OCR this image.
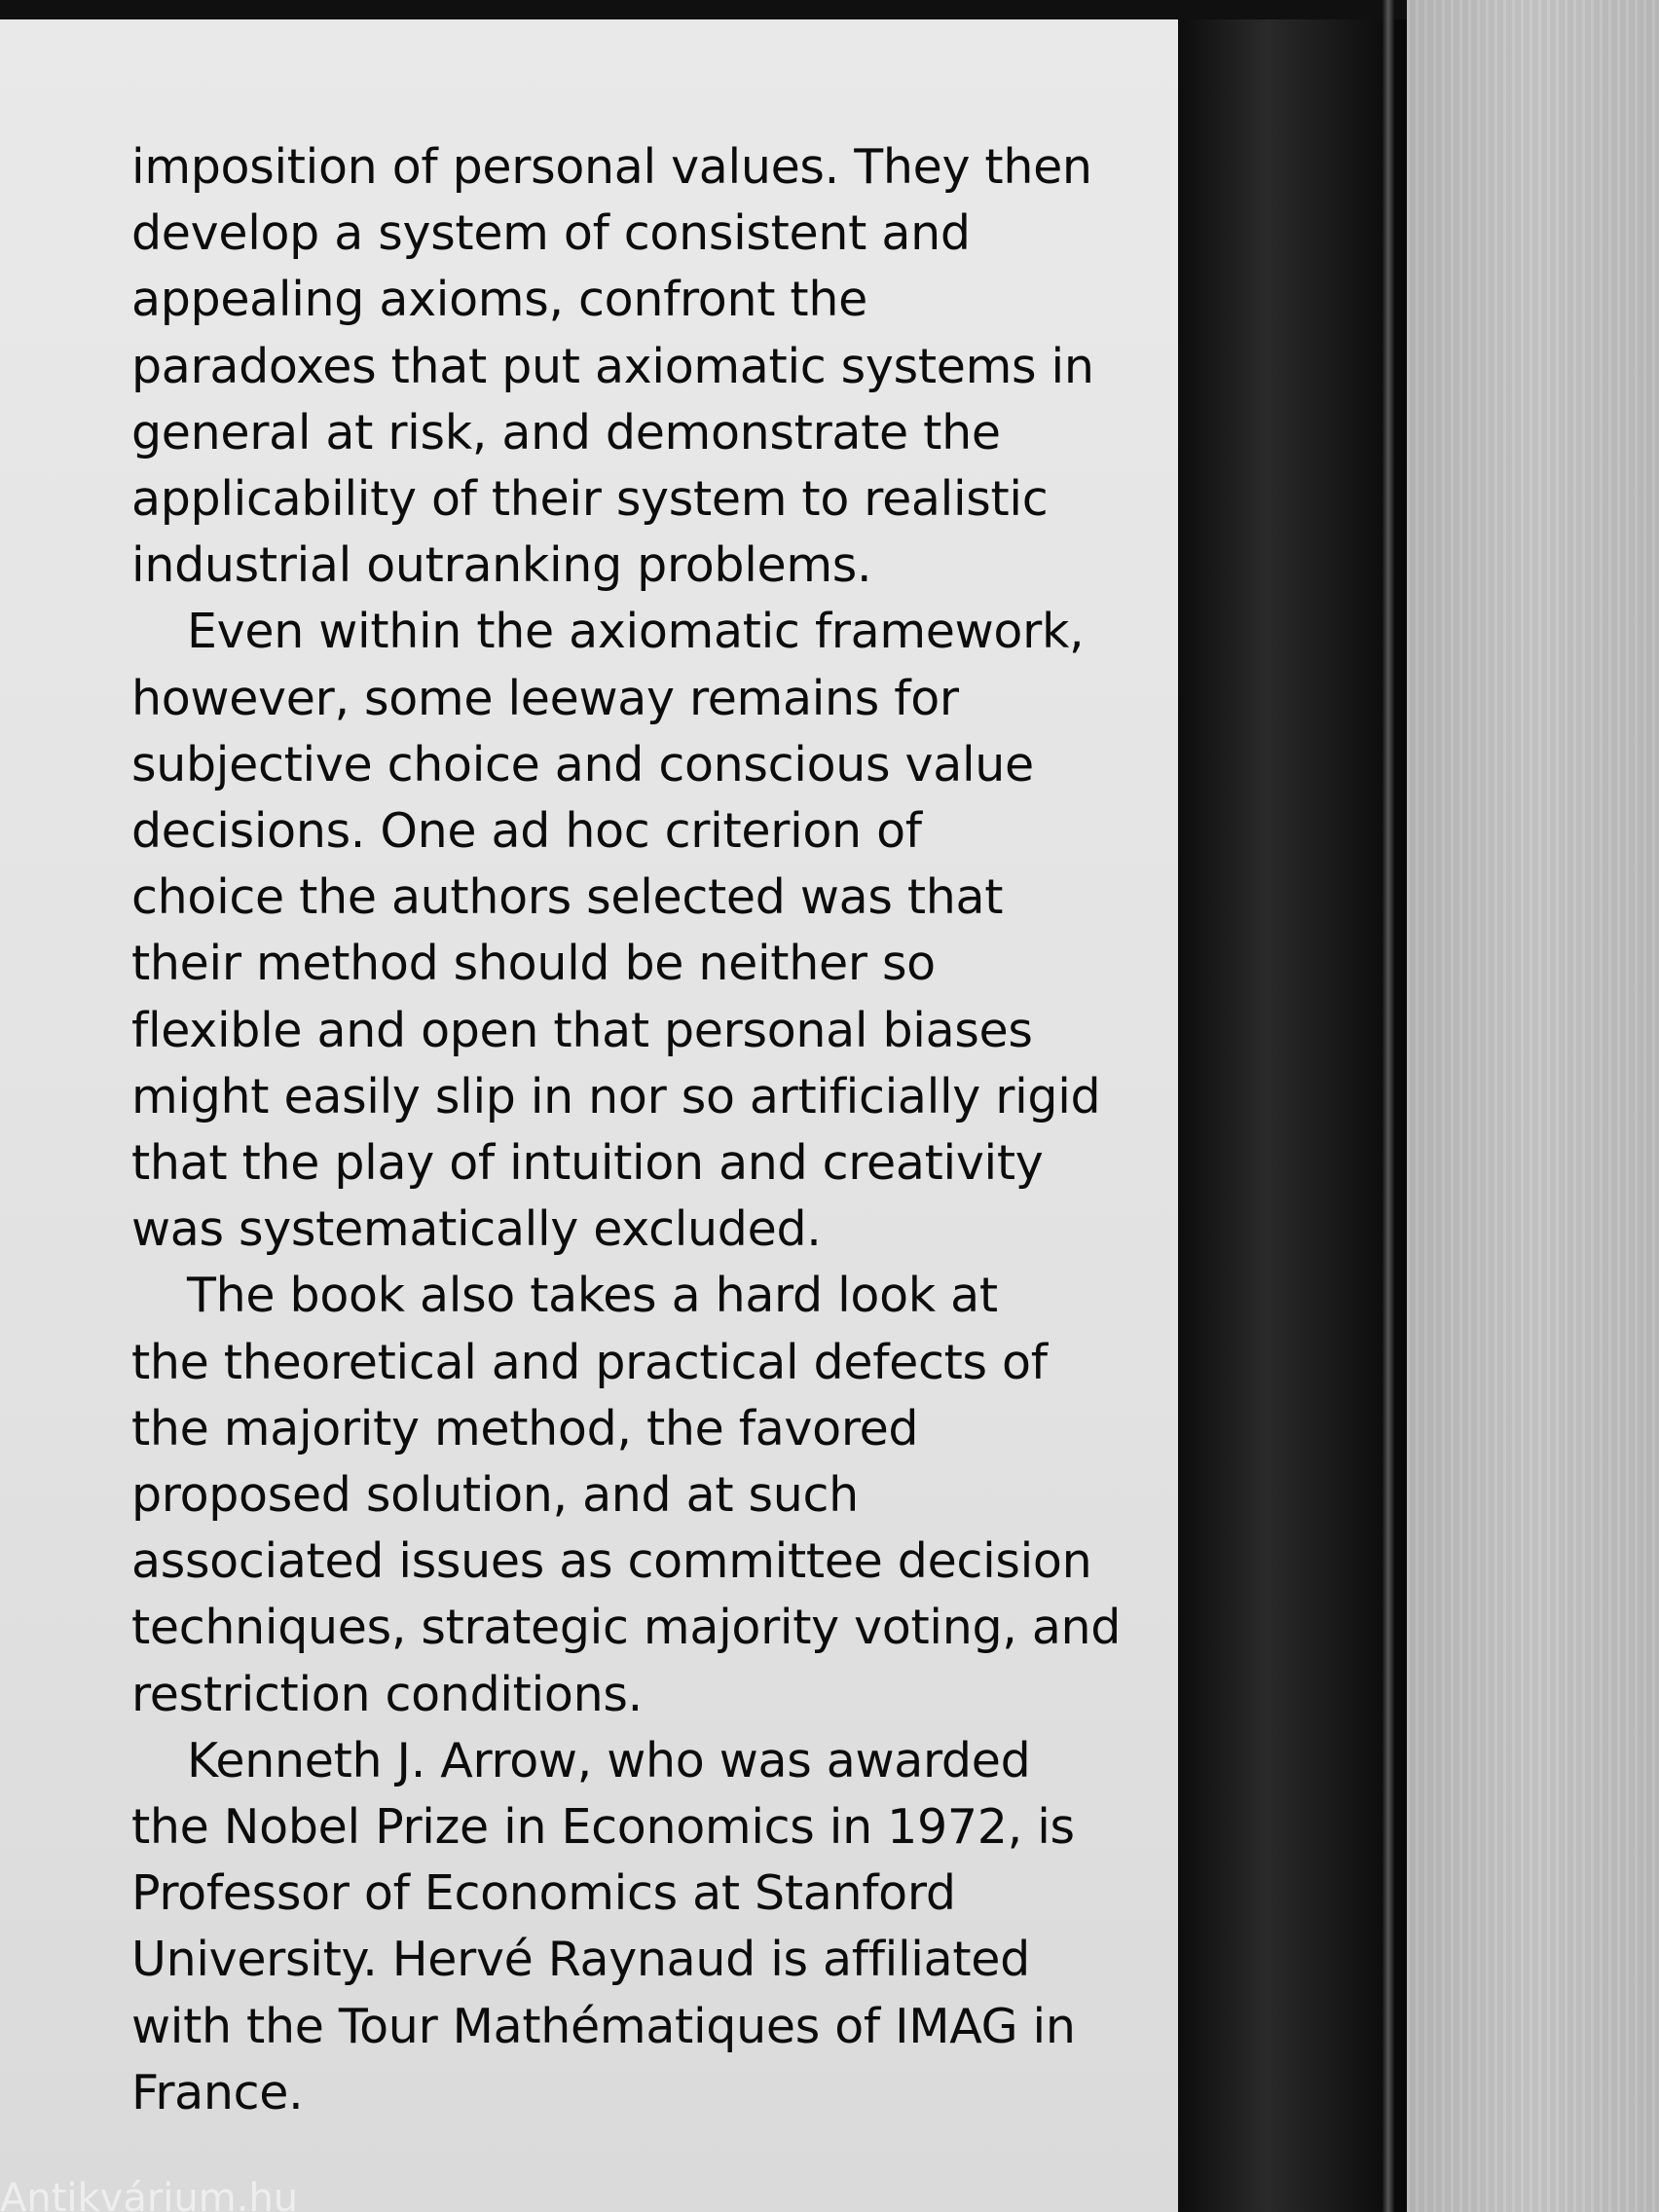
imposition of personal values. They then
develop a system of consistent and
appealing axioms, confront the
paradoxes that put axiomatic systems in
general at risk, and demonstrate the
applicability of their system to realistic
industrial outranking problems.
Even within the axiomatic framework,
however, some leeway remains for
subjective choice and conscious value
decisions. One ad hoc criterion of
choice the authors selected was that
their method should be neither so
flexible and open that personal biases
might easily slip in nor so artificially rigid
that the play of intuition and creativity
was systematically excluded.
The book also takes a hard look at
the theoretical and practical defects of
the majority method, the favored
proposed solution, and at such
associated issues as committee decision
techniques, strategic majority voting, and
restriction conditions.
Kenneth J. Arrow, who was awarded
the Nobel Prize in Economics in 1972, is
Professor of Economics at Stanford
University. Hervé Raynaud is affiliated
with the Tour Mathématiques of IMAG in
France.
Antikvárium.hu
